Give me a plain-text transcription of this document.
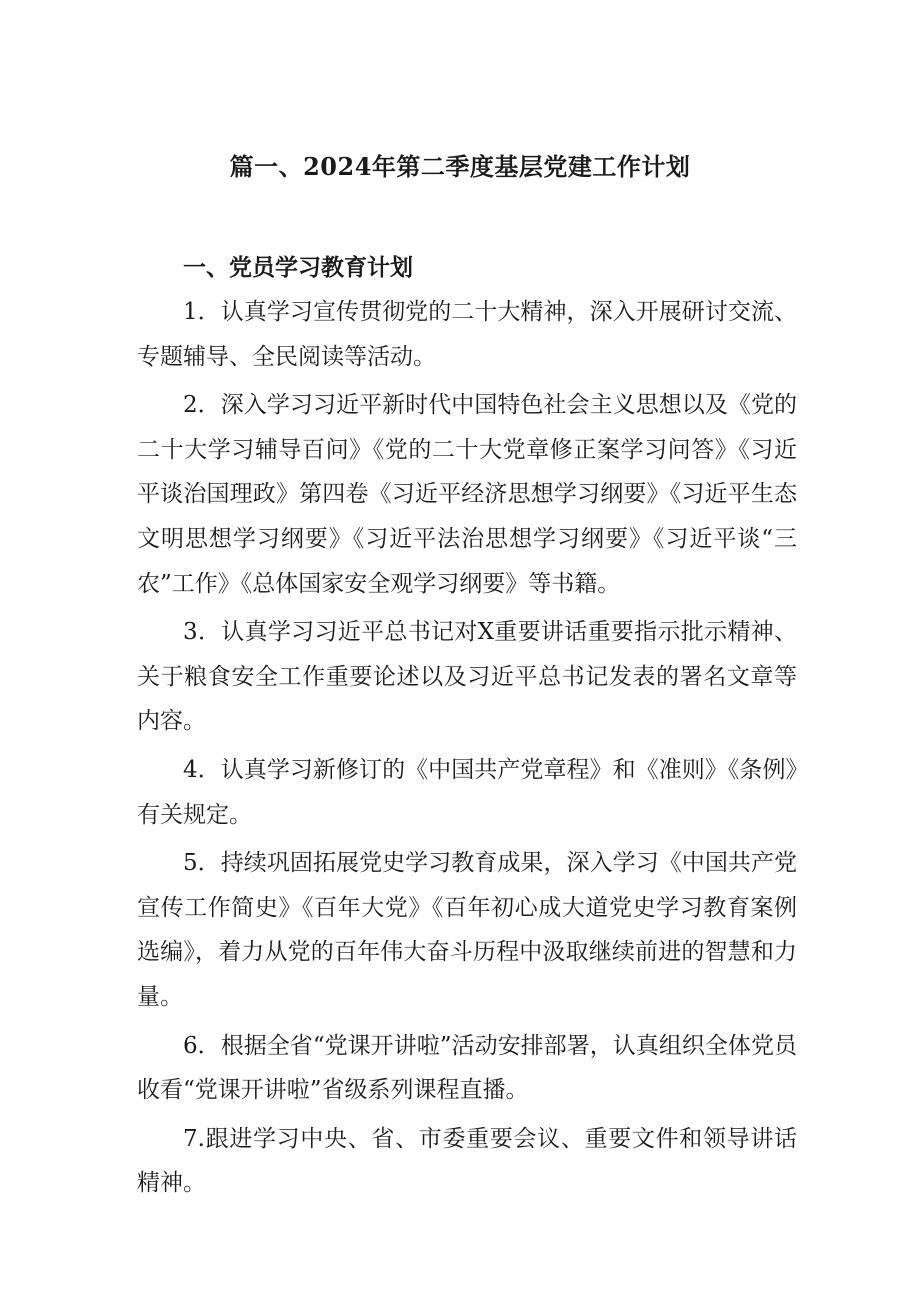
篇一、2024年第二季度基层党建工作计划

一、党员学习教育计划

1．认真学习宣传贯彻党的二十大精神，深入开展研讨交流、专题辅导、全民阅读等活动。

2．深入学习习近平新时代中国特色社会主义思想以及《党的二十大学习辅导百问》《党的二十大党章修正案学习问答》《习近平谈治国理政》第四卷《习近平经济思想学习纲要》《习近平生态文明思想学习纲要》《习近平法治思想学习纲要》《习近平谈“三农”工作》《总体国家安全观学习纲要》等书籍。

3．认真学习习近平总书记对X重要讲话重要指示批示精神、关于粮食安全工作重要论述以及习近平总书记发表的署名文章等内容。

4．认真学习新修订的《中国共产党章程》和《准则》《条例》有关规定。

5．持续巩固拓展党史学习教育成果，深入学习《中国共产党宣传工作简史》《百年大党》《百年初心成大道党史学习教育案例选编》，着力从党的百年伟大奋斗历程中汲取继续前进的智慧和力量。

6．根据全省“党课开讲啦”活动安排部署，认真组织全体党员收看“党课开讲啦”省级系列课程直播。

7.跟进学习中央、省、市委重要会议、重要文件和领导讲话精神。
